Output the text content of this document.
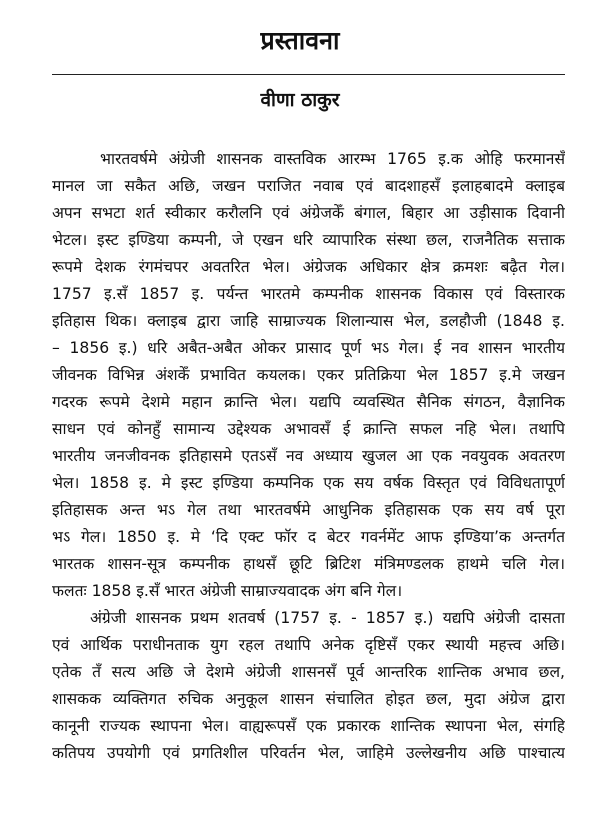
प्रस्तावना
वीणा ठाकुर
भारतवर्षमे अंग्रेजी शासनक वास्तविक आरम्भ 1765 इ.क ओहि फरमानसँ
मानल जा सकैत अछि, जखन पराजित नवाब एवं बादशाहसँ इलाहबादमे क्लाइब
अपन सभटा शर्त स्वीकार करौलनि एवं अंग्रेजकेँ बंगाल, बिहार आ उड़ीसाक दिवानी
भेटल। इस्ट इण्डिया कम्पनी, जे एखन धरि व्यापारिक संस्था छल, राजनैतिक सत्ताक
रूपमे देशक रंगमंचपर अवतरित भेल। अंग्रेजक अधिकार क्षेत्र क्रमशः बढ़ैत गेल।
1757 इ.सँ 1857 इ. पर्यन्त भारतमे कम्पनीक शासनक विकास एवं विस्तारक
इतिहास थिक। क्लाइब द्वारा जाहि साम्राज्यक शिलान्यास भेल, डलहौजी (1848 इ.
– 1856 इ.) धरि अबैत-अबैत ओकर प्रासाद पूर्ण भऽ गेल। ई नव शासन भारतीय
जीवनक विभिन्न अंशकेँ प्रभावित कयलक। एकर प्रतिक्रिया भेल 1857 इ.मे जखन
गदरक रूपमे देशमे महान क्रान्ति भेल। यद्यपि व्यवस्थित सैनिक संगठन, वैज्ञानिक
साधन एवं कोनहुँ सामान्य उद्देश्यक अभावसँ ई क्रान्ति सफल नहि भेल। तथापि
भारतीय जनजीवनक इतिहासमे एतऽसँ नव अध्याय खुजल आ एक नवयुवक अवतरण
भेल। 1858 इ. मे इस्ट इण्डिया कम्पनिक एक सय वर्षक विस्तृत एवं विविधतापूर्ण
इतिहासक अन्त भऽ गेल तथा भारतवर्षमे आधुनिक इतिहासक एक सय वर्ष पूरा
भऽ गेल। 1850 इ. मे ‘दि एक्ट फॉर द बेटर गवर्नमेंट आफ इण्डिया’क अन्तर्गत
भारतक शासन-सूत्र कम्पनीक हाथसँ छूटि ब्रिटिश मंत्रिमण्डलक हाथमे चलि गेल।
फलतः 1858 इ.सँ भारत अंग्रेजी साम्राज्यवादक अंग बनि गेल।
अंग्रेजी शासनक प्रथम शतवर्ष (1757 इ. - 1857 इ.) यद्यपि अंग्रेजी दासता
एवं आर्थिक पराधीनताक युग रहल तथापि अनेक दृष्टिसँ एकर स्थायी महत्त्व अछि।
एतेक तँ सत्य अछि जे देशमे अंग्रेजी शासनसँ पूर्व आन्तरिक शान्तिक अभाव छल,
शासकक व्यक्तिगत रुचिक अनुकूल शासन संचालित होइत छल, मुदा अंग्रेज द्वारा
कानूनी राज्यक स्थापना भेल। वाह्यरूपसँ एक प्रकारक शान्तिक स्थापना भेल, संगहि
कतिपय उपयोगी एवं प्रगतिशील परिवर्तन भेल, जाहिमे उल्लेखनीय अछि पाश्चात्य
